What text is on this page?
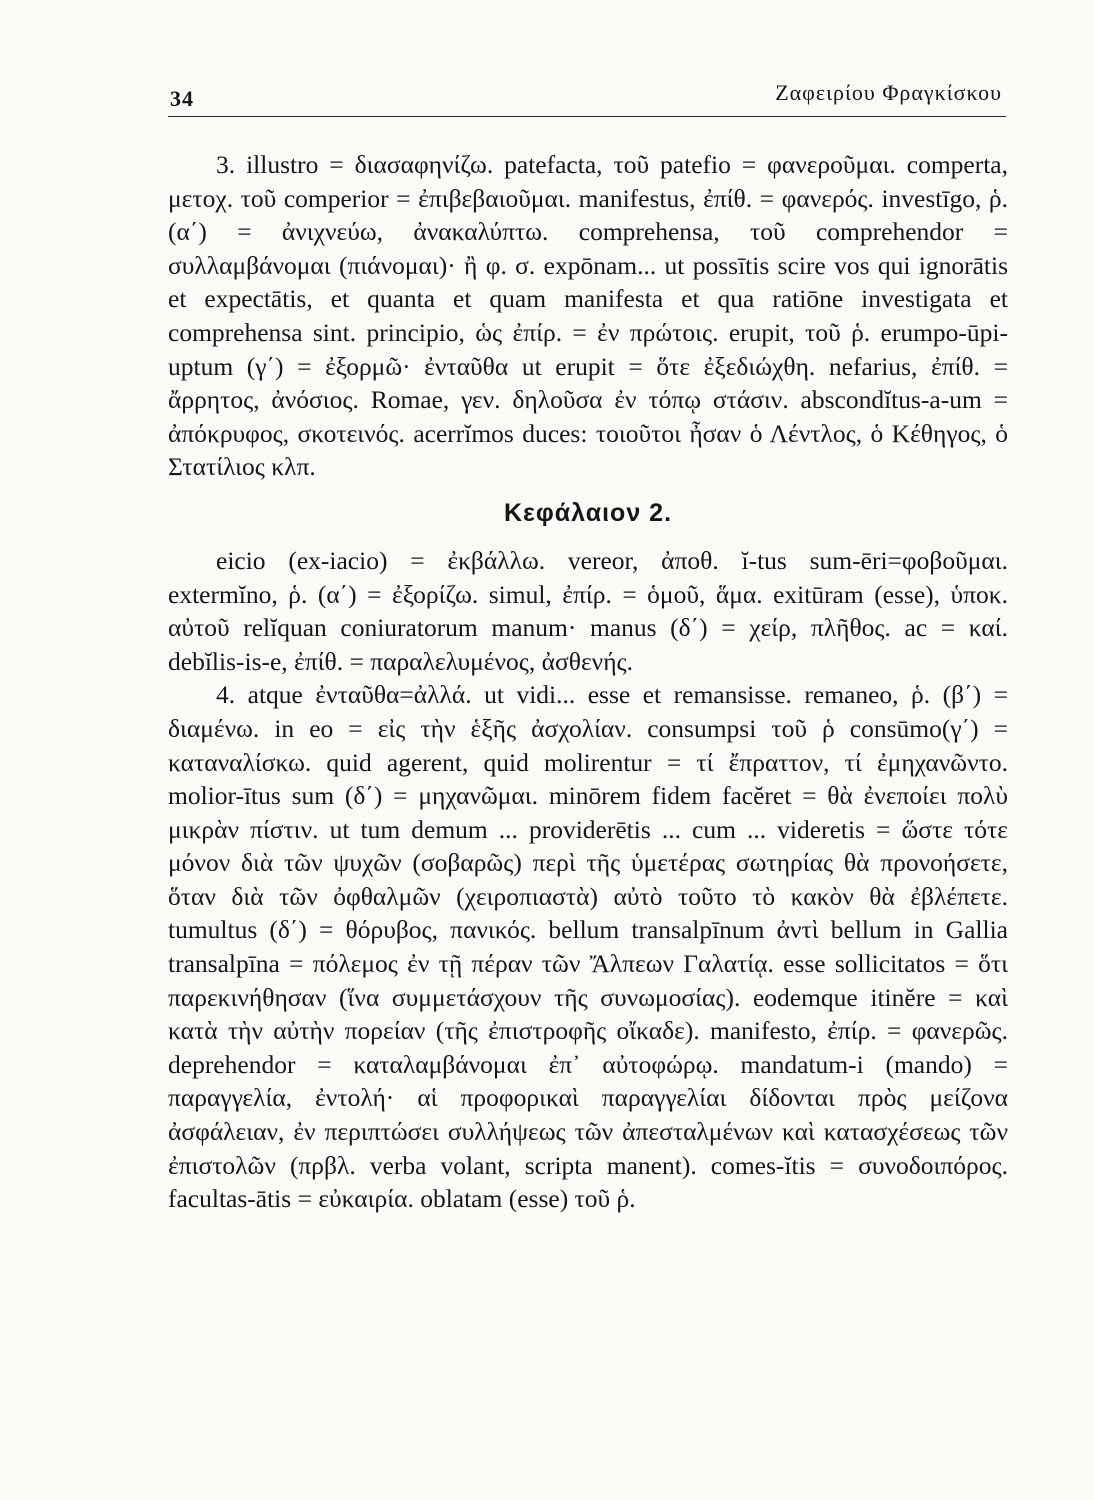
34	Ζαφειρίου Φραγκίσκου

3. illustro = διασαφηνίζω. patefacta, τοῦ patefio = φανεροῦμαι. comperta, μετοχ. τοῦ comperior = ἐπιβεβαιοῦμαι. manifestus, ἐπίθ. = φανερός. investīgo, ῥ. (α΄) = ἀνιχνεύω, ἀνακαλύπτω. comprehensa, τοῦ comprehendor = συλλαμβάνομαι (πιάνομαι)· ἢ φ. σ. expōnam... ut possītis scire vos qui ignorātis et expectātis, et quanta et quam manifesta et qua ratiōne investigata et comprehensa sint. principio, ὡς ἐπίρ. = ἐν πρώτοις. erupit, τοῦ ῥ. erumpo-ūpi-uptum (γ΄) = ἐξορμῶ· ἐνταῦθα ut erupit = ὅτε ἐξεδιώχθη. nefarius, ἐπίθ. = ἄρρητος, ἀνόσιος. Romae, γεν. δηλοῦσα ἐν τόπῳ στάσιν. abscondĭtus-a-um = ἀπόκρυφος, σκοτεινός. acerrĭmos duces: τοιοῦτοι ἦσαν ὁ Λέντλος, ὁ Κέθηγος, ὁ Στατίλιος κλπ.

Κεφάλαιον 2.

eicio (ex-iacio) = ἐκβάλλω. vereor, ἀποθ. ĭ-tus sum-ēri=φοβοῦμαι. extermĭno, ῥ. (α΄) = ἐξορίζω. simul, ἐπίρ. = ὁμοῦ, ἅμα. exitūram (esse), ὑποκ. αὐτοῦ relĭquan coniuratorum manum· manus (δ΄) = χείρ, πλῆθος. ac = καί. debĭlis-is-e, ἐπίθ. = παραλελυμένος, ἀσθενής.

4. atque ἐνταῦθα=ἀλλά. ut vidi... esse et remansisse. remaneo, ῥ. (β΄) = διαμένω. in eo = εἰς τὴν ἑξῆς ἀσχολίαν. consumpsi τοῦ ῥ consūmo(γ΄) = καταναλίσκω. quid agerent, quid molirentur = τί ἔπραττον, τί ἐμηχανῶντο. molior-ītus sum (δ΄) = μηχανῶμαι. minōrem fidem facĕret = θὰ ἐνεποίει πολὺ μικρὰν πίστιν. ut tum demum ... providerētis ... cum ... videretis = ὥστε τότε μόνον διὰ τῶν ψυχῶν (σοβαρῶς) περὶ τῆς ὑμετέρας σωτηρίας θὰ προνοήσετε, ὅταν διὰ τῶν ὀφθαλμῶν (χειροπιαστὰ) αὐτὸ τοῦτο τὸ κακὸν θὰ ἐβλέπετε. tumultus (δ΄) = θόρυβος, πανικός. bellum transalpīnum ἀντὶ bellum in Gallia transalpīna = πόλεμος ἐν τῇ πέραν τῶν Ἄλπεων Γαλατίᾳ. esse sollicitatos = ὅτι παρεκινήθησαν (ἵνα συμμετάσχουν τῆς συνωμοσίας). eodemque itinĕre = καὶ κατὰ τὴν αὐτὴν πορείαν (τῆς ἐπιστροφῆς οἴκαδε). manifesto, ἐπίρ. = φανερῶς. deprehendor = καταλαμβάνομαι ἐπ᾿ αὐτοφώρῳ. mandatum-i (mando) = παραγγελία, ἐντολή· αἱ προφορικαὶ παραγγελίαι δίδονται πρὸς μείζονα ἀσφάλειαν, ἐν περιπτώσει συλλήψεως τῶν ἀπεσταλμένων καὶ κατασχέσεως τῶν ἐπιστολῶν (πρβλ. verba volant, scripta manent). comes-ĭtis = συνοδοιπόρος. facultas-ātis = εὐκαιρία. oblatam (esse) τοῦ ῥ.
